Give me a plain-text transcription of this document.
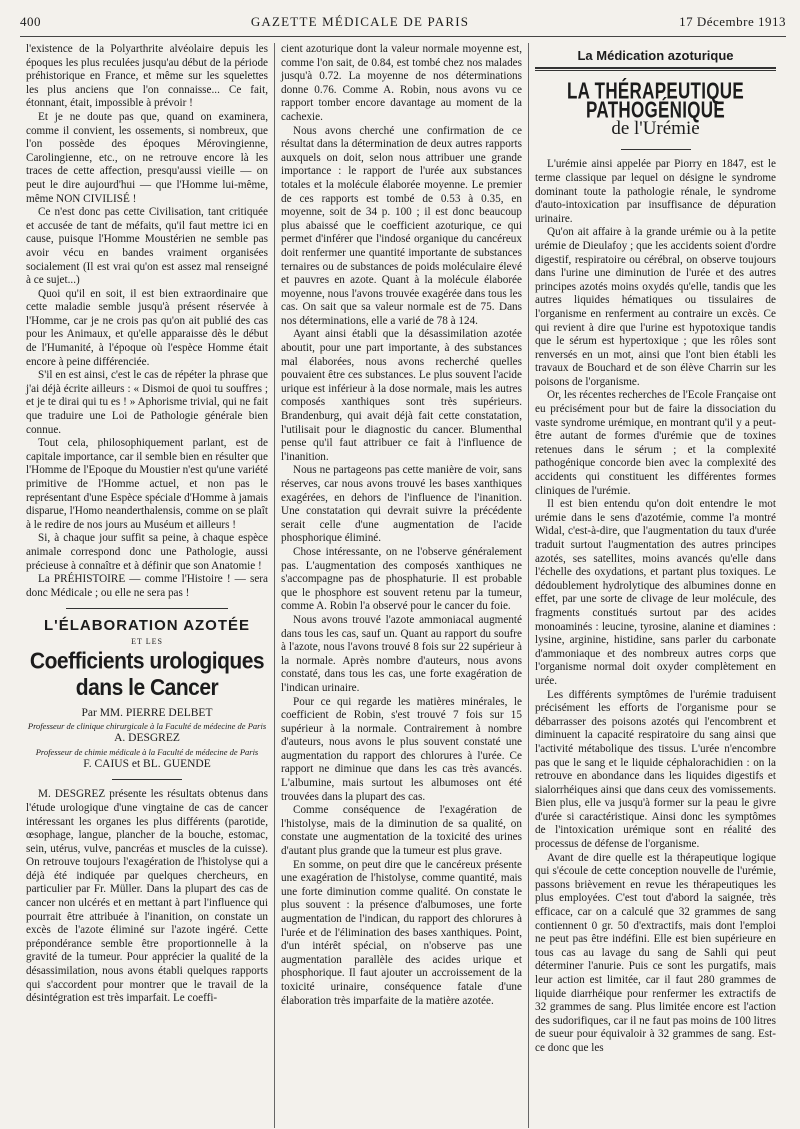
400	GAZETTE MÉDICALE DE PARIS	17 Décembre 1913

l'existence de la Polyarthrite alvéolaire depuis les époques les plus reculées jusqu'au début de la période préhistorique en France, et même sur les squelettes les plus anciens que l'on connaisse... Ce fait, étonnant, était, impossible à prévoir !

Et je ne doute pas que, quand on examinera, comme il convient, les ossements, si nombreux, que l'on possède des époques Mérovingienne, Carolingienne, etc., on ne retrouve encore là les traces de cette affection, presqu'aussi vieille — on peut le dire aujourd'hui — que l'Homme lui-même, même NON CIVILISÉ !

Ce n'est donc pas cette Civilisation, tant critiquée et accusée de tant de méfaits, qu'il faut mettre ici en cause, puisque l'Homme Moustérien ne semble pas avoir vécu en bandes vraiment organisées socialement (Il est vrai qu'on est assez mal renseigné à ce sujet...)

Quoi qu'il en soit, il est bien extraordinaire que cette maladie semble jusqu'à présent réservée à l'Homme, car je ne crois pas qu'on ait publié des cas pour les Animaux, et qu'elle apparaisse dès le début de l'Humanité, à l'époque où l'espèce Homme était encore à peine différenciée.

S'il en est ainsi, c'est le cas de répéter la phrase que j'ai déjà écrite ailleurs : « Dismoi de quoi tu souffres ; et je te dirai qui tu es ! » Aphorisme trivial, qui ne fait que traduire une Loi de Pathologie générale bien connue.

Tout cela, philosophiquement parlant, est de capitale importance, car il semble bien en résulter que l'Homme de l'Epoque du Moustier n'est qu'une variété primitive de l'Homme actuel, et non pas le représentant d'une Espèce spéciale d'Homme à jamais disparue, l'Homo neanderthalensis, comme on se plaît à le redire de nos jours au Muséum et ailleurs !

Si, à chaque jour suffit sa peine, à chaque espèce animale correspond donc une Pathologie, aussi précieuse à connaître et à définir que son Anatomie !

La PRÉHISTOIRE — comme l'Histoire ! — sera donc Médicale ; ou elle ne sera pas !

L'ÉLABORATION AZOTÉE
ET LES
Coefficients urologiques dans le Cancer
Par MM. PIERRE DELBET
Professeur de clinique chirurgicale à la Faculté de médecine de Paris
A. DESGREZ
Professeur de chimie médicale à la Faculté de médecine de Paris
F. CAIUS et BL. GUENDE

M. DESGREZ présente les résultats obtenus dans l'étude urologique d'une vingtaine de cas de cancer intéressant les organes les plus différents (parotide, œsophage, langue, plancher de la bouche, estomac, sein, utérus, vulve, pancréas et muscles de la cuisse). On retrouve toujours l'exagération de l'histolyse qui a déjà été indiquée par quelques chercheurs, en particulier par Fr. Müller. Dans la plupart des cas de cancer non ulcérés et en mettant à part l'influence qui pourrait être attribuée à l'inanition, on constate un excès de l'azote éliminé sur l'azote ingéré. Cette prépondérance semble être proportionnelle à la gravité de la tumeur. Pour apprécier la qualité de la désassimilation, nous avons établi quelques rapports qui s'accordent pour montrer que le travail de la désintégration est très imparfait. Le coeffi-

cient azoturique dont la valeur normale moyenne est, comme l'on sait, de 0.84, est tombé chez nos malades jusqu'à 0.72. La moyenne de nos déterminations donne 0.76. Comme A. Robin, nous avons vu ce rapport tomber encore davantage au moment de la cachexie.

Nous avons cherché une confirmation de ce résultat dans la détermination de deux autres rapports auxquels on doit, selon nous attribuer une grande importance : le rapport de l'urée aux substances totales et la molécule élaborée moyenne. Le premier de ces rapports est tombé de 0.53 à 0.35, en moyenne, soit de 34 p. 100 ; il est donc beaucoup plus abaissé que le coefficient azoturique, ce qui permet d'inférer que l'indosé organique du cancéreux doit renfermer une quantité importante de substances ternaires ou de substances de poids moléculaire élevé et pauvres en azote. Quant à la molécule élaborée moyenne, nous l'avons trouvée exagérée dans tous les cas. On sait que sa valeur normale est de 75. Dans nos déterminations, elle a varié de 78 à 124.

Ayant ainsi établi que la désassimilation azotée aboutit, pour une part importante, à des substances mal élaborées, nous avons recherché quelles pouvaient être ces substances. Le plus souvent l'acide urique est inférieur à la dose normale, mais les autres composés xanthiques sont très supérieurs. Brandenburg, qui avait déjà fait cette constatation, l'utilisait pour le diagnostic du cancer. Blumenthal pense qu'il faut attribuer ce fait à l'influence de l'inanition.

Nous ne partageons pas cette manière de voir, sans réserves, car nous avons trouvé les bases xanthiques exagérées, en dehors de l'influence de l'inanition. Une constatation qui devrait suivre la précédente serait celle d'une augmentation de l'acide phosphorique éliminé.

Chose intéressante, on ne l'observe généralement pas. L'augmentation des composés xanthiques ne s'accompagne pas de phosphaturie. Il est probable que le phosphore est souvent retenu par la tumeur, comme A. Robin l'a observé pour le cancer du foie.

Nous avons trouvé l'azote ammoniacal augmenté dans tous les cas, sauf un. Quant au rapport du soufre à l'azote, nous l'avons trouvé 8 fois sur 22 supérieur à la normale. Après nombre d'auteurs, nous avons constaté, dans tous les cas, une forte exagération de l'indican urinaire.

Pour ce qui regarde les matières minérales, le coefficient de Robin, s'est trouvé 7 fois sur 15 supérieur à la normale. Contrairement à nombre d'auteurs, nous avons le plus souvent constaté une augmentation du rapport des chlorures à l'urée. Ce rapport ne diminue que dans les cas très avancés. L'albumine, mais surtout les albumoses ont été trouvées dans la plupart des cas.

Comme conséquence de l'exagération de l'histolyse, mais de la diminution de sa qualité, on constate une augmentation de la toxicité des urines d'autant plus grande que la tumeur est plus grave.

En somme, on peut dire que le cancéreux présente une exagération de l'histolyse, comme quantité, mais une forte diminution comme qualité. On constate le plus souvent : la présence d'albumoses, une forte augmentation de l'indican, du rapport des chlorures à l'urée et de l'élimination des bases xanthiques. Point, d'un intérêt spécial, on n'observe pas une augmentation parallèle des acides urique et phosphorique. Il faut ajouter un accroissement de la toxicité urinaire, conséquence fatale d'une élaboration très imparfaite de la matière azotée.

La Médication azoturique
LA THÉRAPEUTIQUE PATHOGÉNIQUE
de l'Urémie

L'urémie ainsi appelée par Piorry en 1847, est le terme classique par lequel on désigne le syndrome dominant toute la pathologie rénale, le syndrome d'auto-intoxication par insuffisance de dépuration urinaire.

Qu'on ait affaire à la grande urémie ou à la petite urémie de Dieulafoy ; que les accidents soient d'ordre digestif, respiratoire ou cérébral, on observe toujours dans l'urine une diminution de l'urée et des autres principes azotés moins oxydés qu'elle, tandis que les autres liquides hématiques ou tissulaires de l'organisme en renferment au contraire un excès. Ce qui revient à dire que l'urine est hypotoxique tandis que le sérum est hypertoxique ; que les rôles sont renversés en un mot, ainsi que l'ont bien établi les travaux de Bouchard et de son élève Charrin sur les poisons de l'organisme.

Or, les récentes recherches de l'Ecole Française ont eu précisément pour but de faire la dissociation du vaste syndrome urémique, en montrant qu'il y a peut-être autant de formes d'urémie que de toxines retenues dans le sérum ; et la complexité pathogénique concorde bien avec la complexité des accidents qui constituent les différentes formes cliniques de l'urémie.

Il est bien entendu qu'on doit entendre le mot urémie dans le sens d'azotémie, comme l'a montré Widal, c'est-à-dire, que l'augmentation du taux d'urée traduit surtout l'augmentation des autres principes azotés, ses satellites, moins avancés qu'elle dans l'échelle des oxydations, et partant plus toxiques. Le dédoublement hydrolytique des albumines donne en effet, par une sorte de clivage de leur molécule, des fragments constitués surtout par des acides monoaminés : leucine, tyrosine, alanine et diamines : lysine, arginine, histidine, sans parler du carbonate d'ammoniaque et des nombreux autres corps que l'organisme normal doit oxyder complètement en urée.

Les différents symptômes de l'urémie traduisent précisément les efforts de l'organisme pour se débarrasser des poisons azotés qui l'encombrent et diminuent la capacité respiratoire du sang ainsi que l'activité métabolique des tissus. L'urée n'encombre pas que le sang et le liquide céphalorachidien : on la retrouve en abondance dans les liquides digestifs et sialorrhéiques ainsi que dans ceux des vomissements. Bien plus, elle va jusqu'à former sur la peau le givre d'urée si caractéristique. Ainsi donc les symptômes de l'intoxication urémique sont en réalité des processus de défense de l'organisme.

Avant de dire quelle est la thérapeutique logique qui s'écoule de cette conception nouvelle de l'urémie, passons brièvement en revue les thérapeutiques les plus employées. C'est tout d'abord la saignée, très efficace, car on a calculé que 32 grammes de sang contiennent 0 gr. 50 d'extractifs, mais dont l'emploi ne peut pas être indéfini. Elle est bien supérieure en tous cas au lavage du sang de Sahli qui peut déterminer l'anurie. Puis ce sont les purgatifs, mais leur action est limitée, car il faut 280 grammes de liquide diarrhéique pour renfermer les extractifs de 32 grammes de sang. Plus limitée encore est l'action des sudorifiques, car il ne faut pas moins de 100 litres de sueur pour équivaloir à 32 grammes de sang. Est-ce donc que les
